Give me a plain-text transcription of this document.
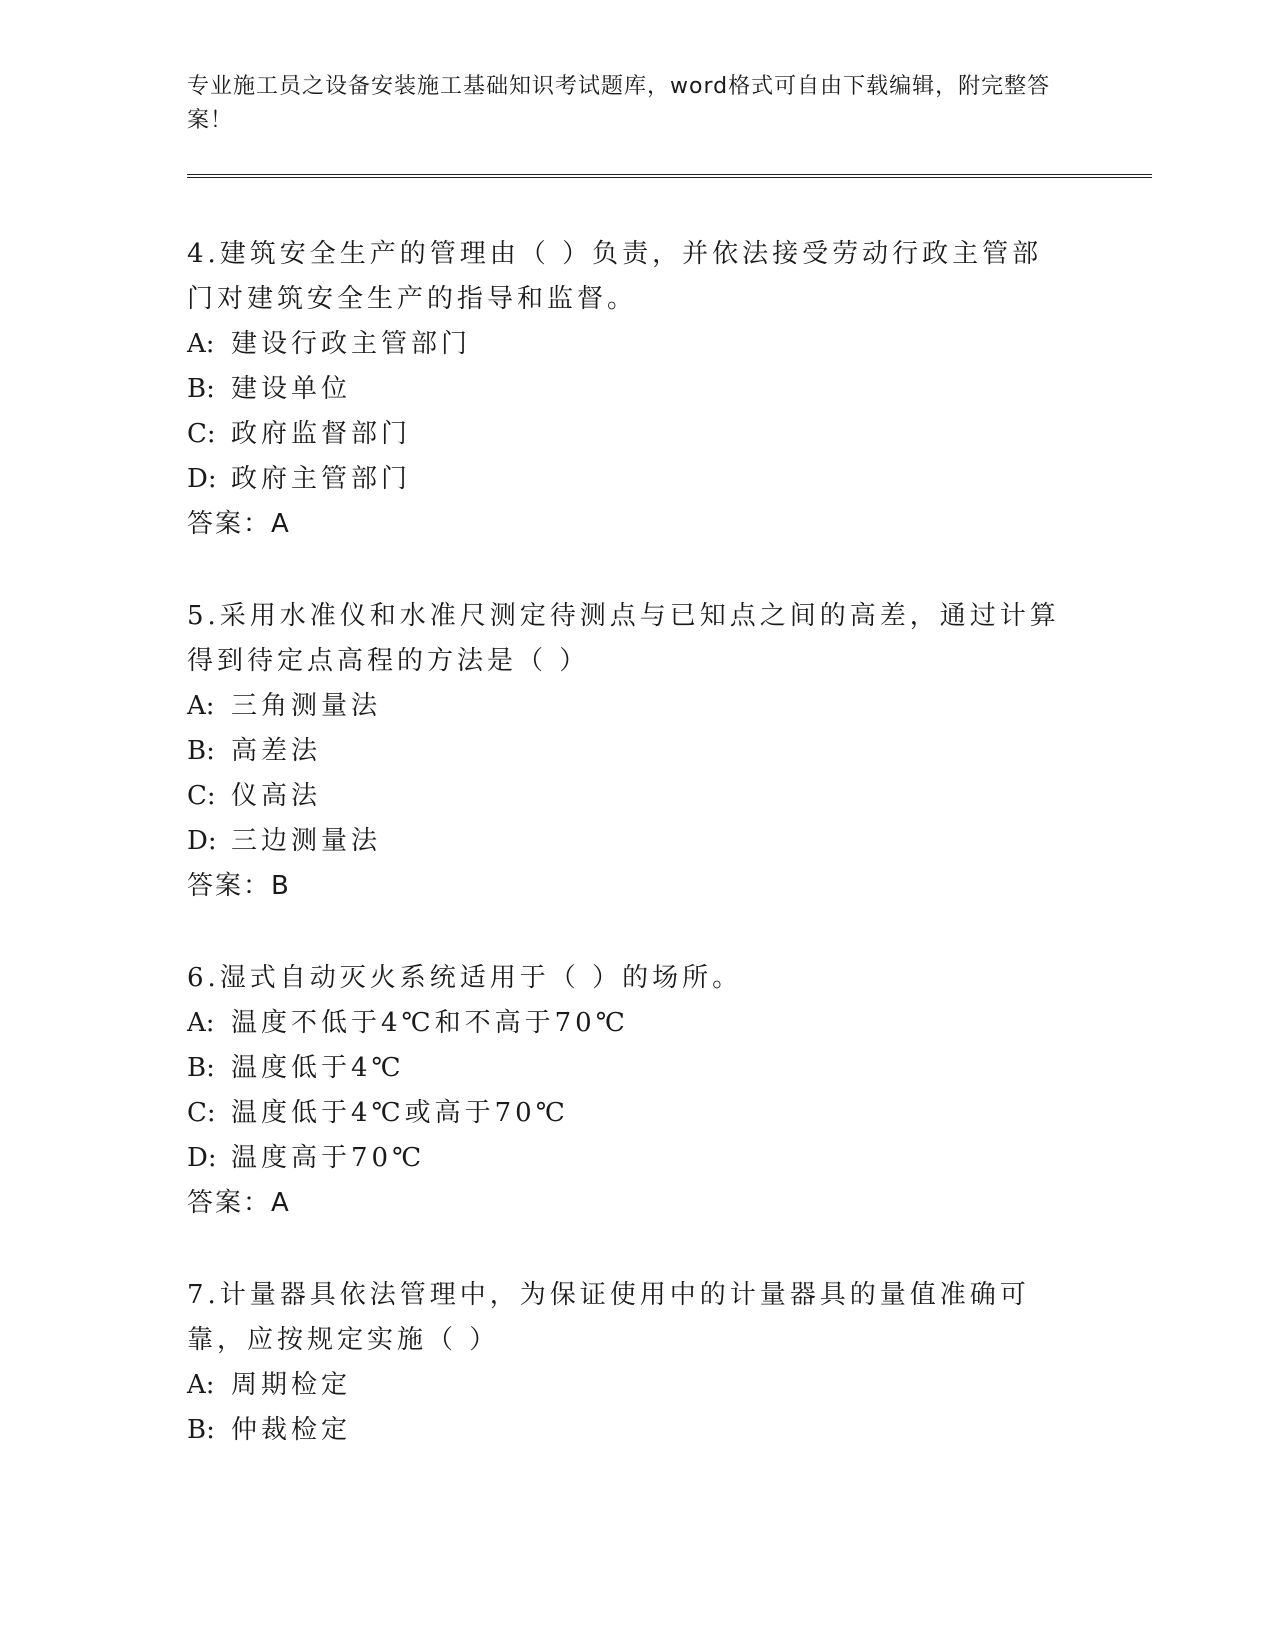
专业施工员之设备安装施工基础知识考试题库，word格式可自由下载编辑，附完整答案！
4.建筑安全生产的管理由（ ）负责，并依法接受劳动行政主管部门对建筑安全生产的指导和监督。
A: 建设行政主管部门
B: 建设单位
C: 政府监督部门
D: 政府主管部门
答案：A
5.采用水准仪和水准尺测定待测点与已知点之间的高差，通过计算得到待定点高程的方法是（ ）
A: 三角测量法
B: 高差法
C: 仪高法
D: 三边测量法
答案：B
6.湿式自动灭火系统适用于（ ）的场所。
A: 温度不低于4℃和不高于70℃
B: 温度低于4℃
C: 温度低于4℃或高于70℃
D: 温度高于70℃
答案：A
7.计量器具依法管理中，为保证使用中的计量器具的量值准确可靠，应按规定实施（ ）
A: 周期检定
B: 仲裁检定
